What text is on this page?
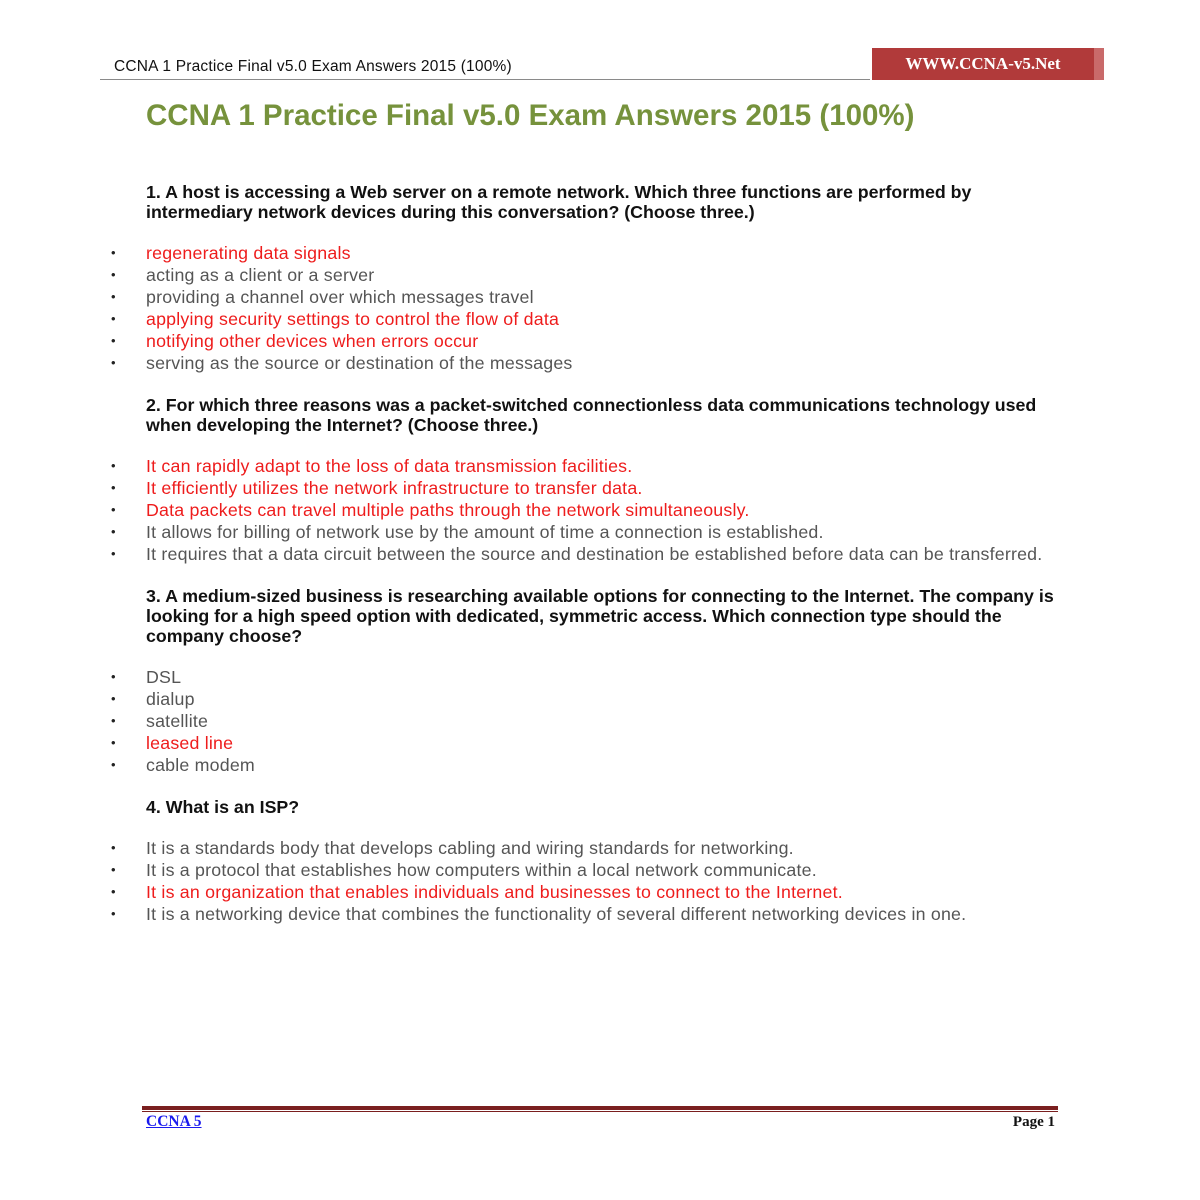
CCNA 1 Practice Final v5.0 Exam Answers 2015 (100%)	WWW.CCNA-v5.Net
CCNA 1 Practice Final v5.0 Exam Answers 2015 (100%)

1. A host is accessing a Web server on a remote network. Which three functions are performed by intermediary network devices during this conversation? (Choose three.)

• regenerating data signals
• acting as a client or a server
• providing a channel over which messages travel
• applying security settings to control the flow of data
• notifying other devices when errors occur
• serving as the source or destination of the messages

2. For which three reasons was a packet-switched connectionless data communications technology used when developing the Internet? (Choose three.)

• It can rapidly adapt to the loss of data transmission facilities.
• It efficiently utilizes the network infrastructure to transfer data.
• Data packets can travel multiple paths through the network simultaneously.
• It allows for billing of network use by the amount of time a connection is established.
• It requires that a data circuit between the source and destination be established before data can be transferred.

3. A medium-sized business is researching available options for connecting to the Internet. The company is looking for a high speed option with dedicated, symmetric access. Which connection type should the company choose?

• DSL
• dialup
• satellite
• leased line
• cable modem

4. What is an ISP?

• It is a standards body that develops cabling and wiring standards for networking.
• It is a protocol that establishes how computers within a local network communicate.
• It is an organization that enables individuals and businesses to connect to the Internet.
• It is a networking device that combines the functionality of several different networking devices in one.
CCNA 5	Page 1
